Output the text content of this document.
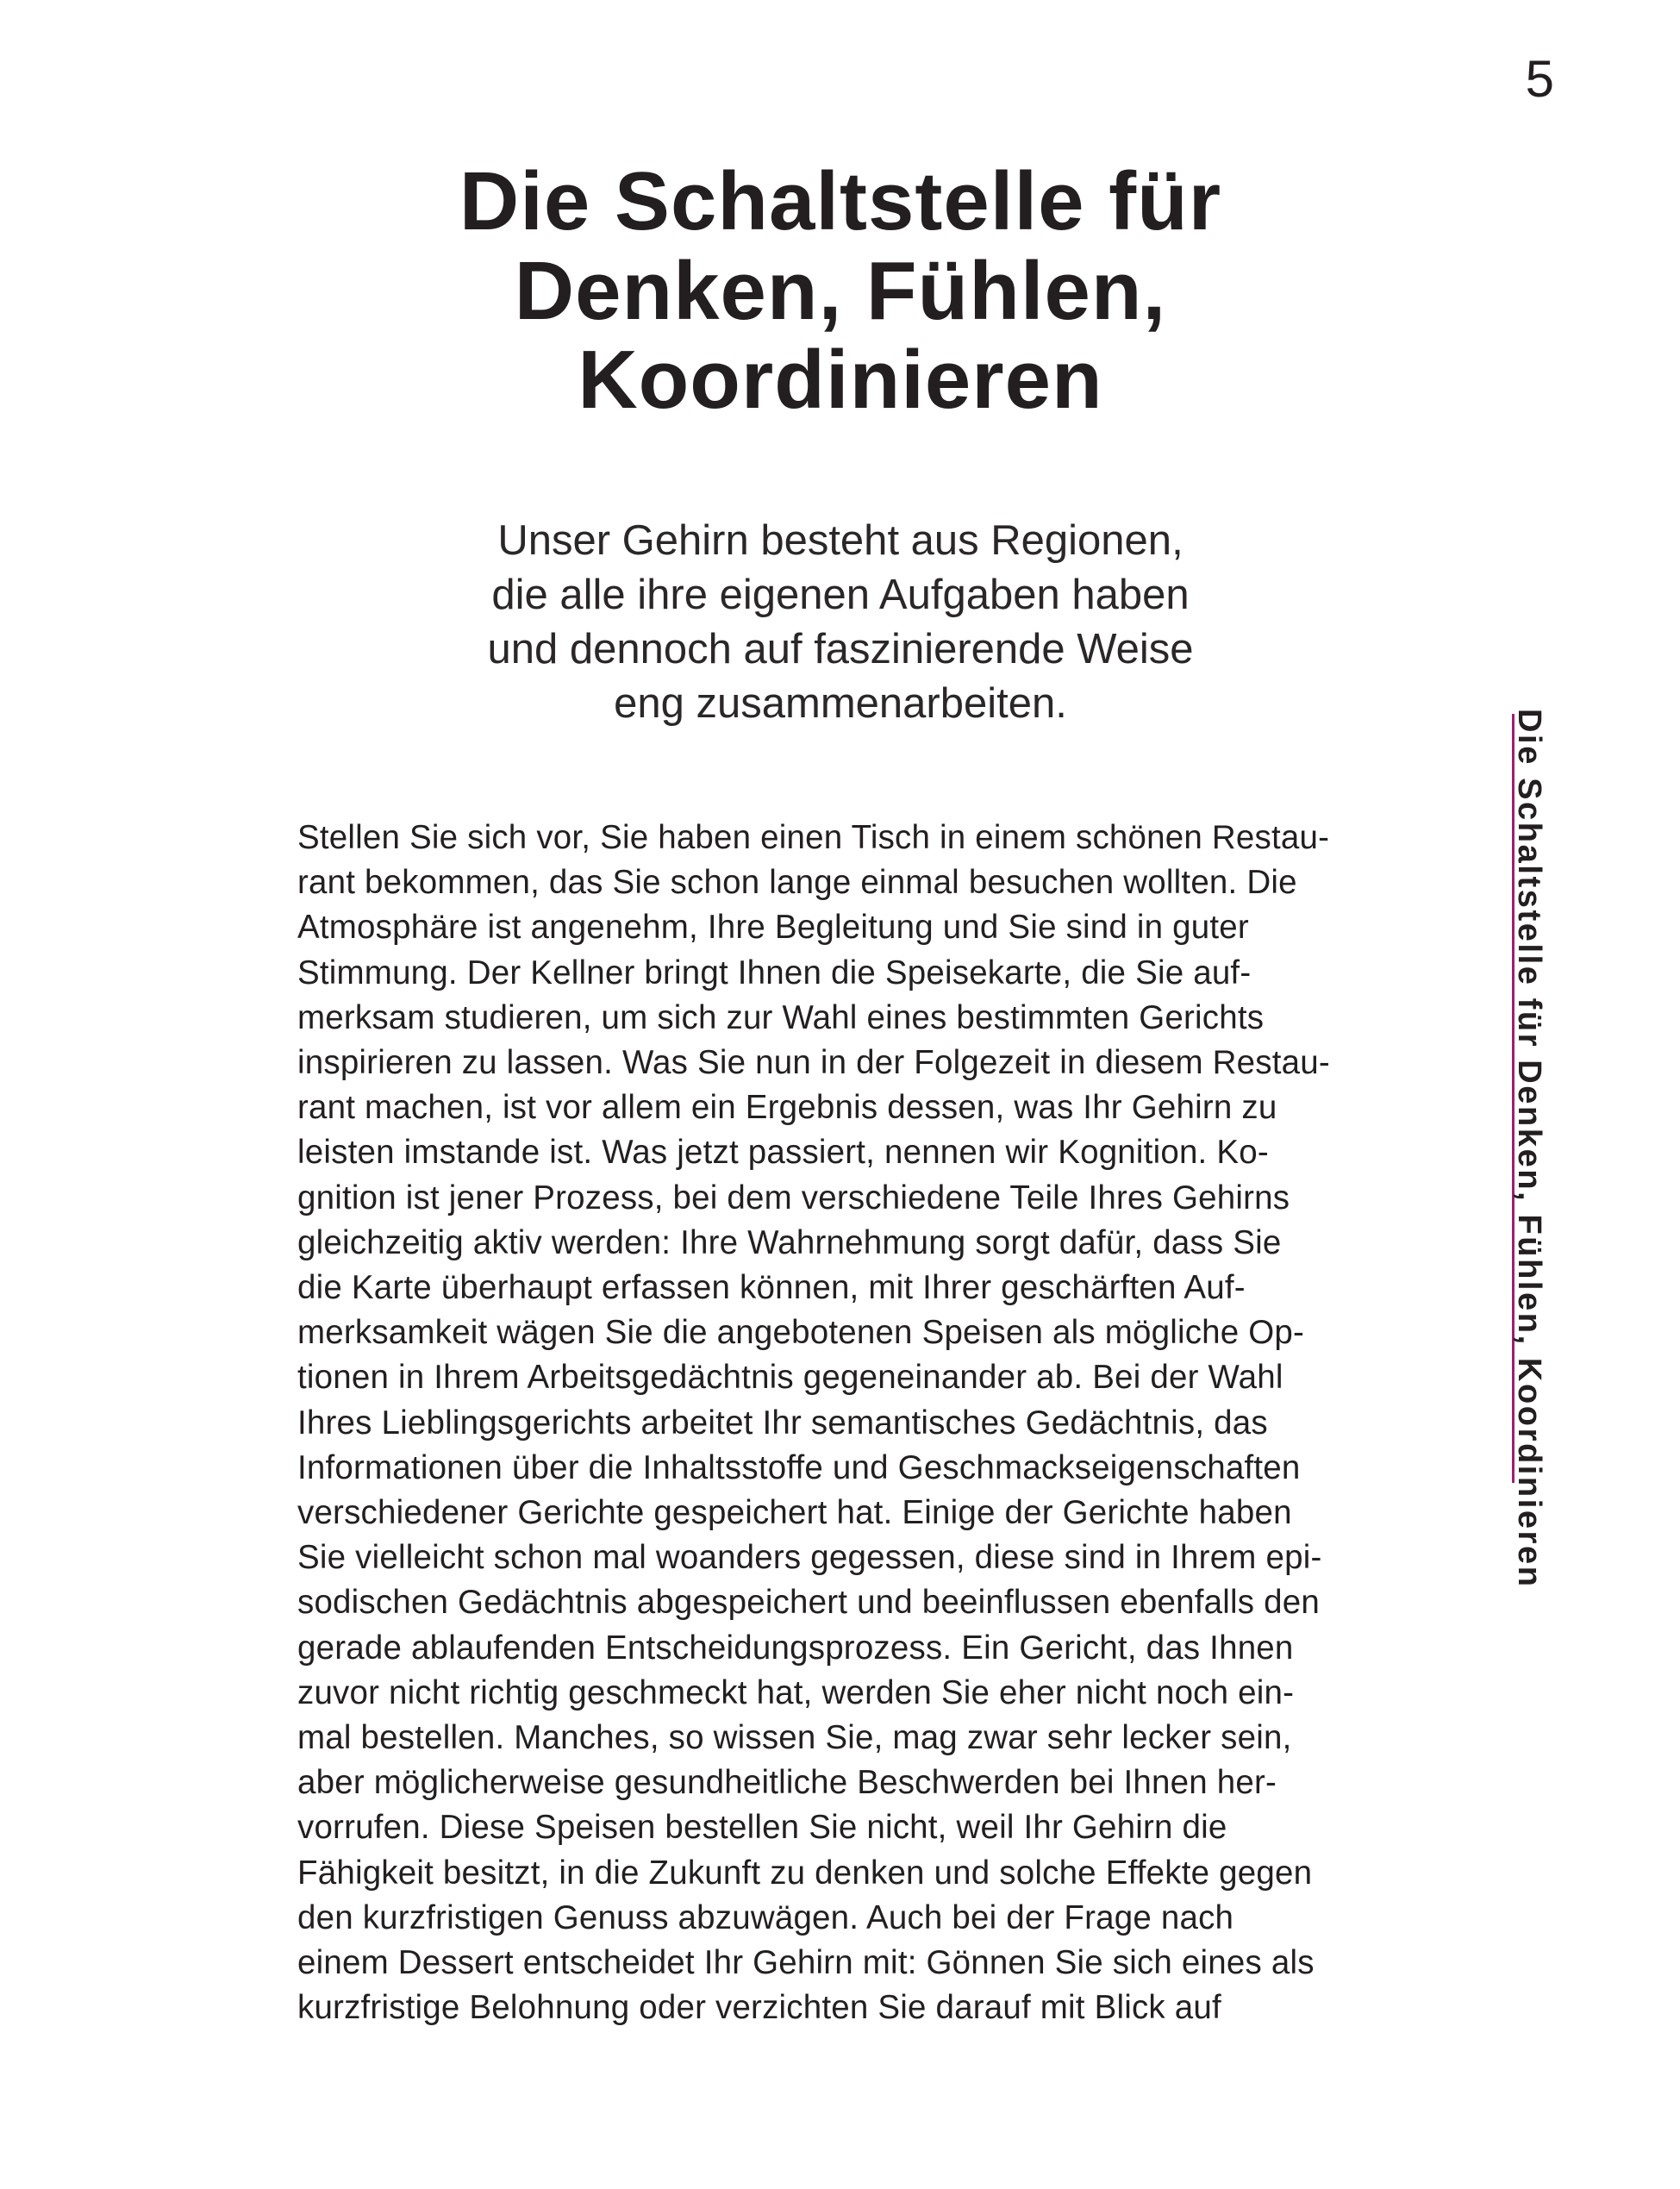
5
Die Schaltstelle für
Denken, Fühlen,
Koordinieren

Unser Gehirn besteht aus Regionen,
die alle ihre eigenen Aufgaben haben
und dennoch auf faszinierende Weise
eng zusammenarbeiten.

Stellen Sie sich vor, Sie haben einen Tisch in einem schönen Restau-
rant bekommen, das Sie schon lange einmal besuchen wollten. Die
Atmosphäre ist angenehm, Ihre Begleitung und Sie sind in guter
Stimmung. Der Kellner bringt Ihnen die Speisekarte, die Sie auf-
merksam studieren, um sich zur Wahl eines bestimmten Gerichts
inspirieren zu lassen. Was Sie nun in der Folgezeit in diesem Restau-
rant machen, ist vor allem ein Ergebnis dessen, was Ihr Gehirn zu
leisten imstande ist. Was jetzt passiert, nennen wir Kognition. Ko-
gnition ist jener Prozess, bei dem verschiedene Teile Ihres Gehirns
gleichzeitig aktiv werden: Ihre Wahrnehmung sorgt dafür, dass Sie
die Karte überhaupt erfassen können, mit Ihrer geschärften Auf-
merksamkeit wägen Sie die angebotenen Speisen als mögliche Op-
tionen in Ihrem Arbeitsgedächtnis gegeneinander ab. Bei der Wahl
Ihres Lieblingsgerichts arbeitet Ihr semantisches Gedächtnis, das
Informationen über die Inhaltsstoffe und Geschmackseigenschaften
verschiedener Gerichte gespeichert hat. Einige der Gerichte haben
Sie vielleicht schon mal woanders gegessen, diese sind in Ihrem epi-
sodischen Gedächtnis abgespeichert und beeinflussen ebenfalls den
gerade ablaufenden Entscheidungsprozess. Ein Gericht, das Ihnen
zuvor nicht richtig geschmeckt hat, werden Sie eher nicht noch ein-
mal bestellen. Manches, so wissen Sie, mag zwar sehr lecker sein,
aber möglicherweise gesundheitliche Beschwerden bei Ihnen her-
vorrufen. Diese Speisen bestellen Sie nicht, weil Ihr Gehirn die
Fähigkeit besitzt, in die Zukunft zu denken und solche Effekte gegen
den kurzfristigen Genuss abzuwägen. Auch bei der Frage nach
einem Dessert entscheidet Ihr Gehirn mit: Gönnen Sie sich eines als
kurzfristige Belohnung oder verzichten Sie darauf mit Blick auf
Die Schaltstelle für Denken, Fühlen, Koordinieren
